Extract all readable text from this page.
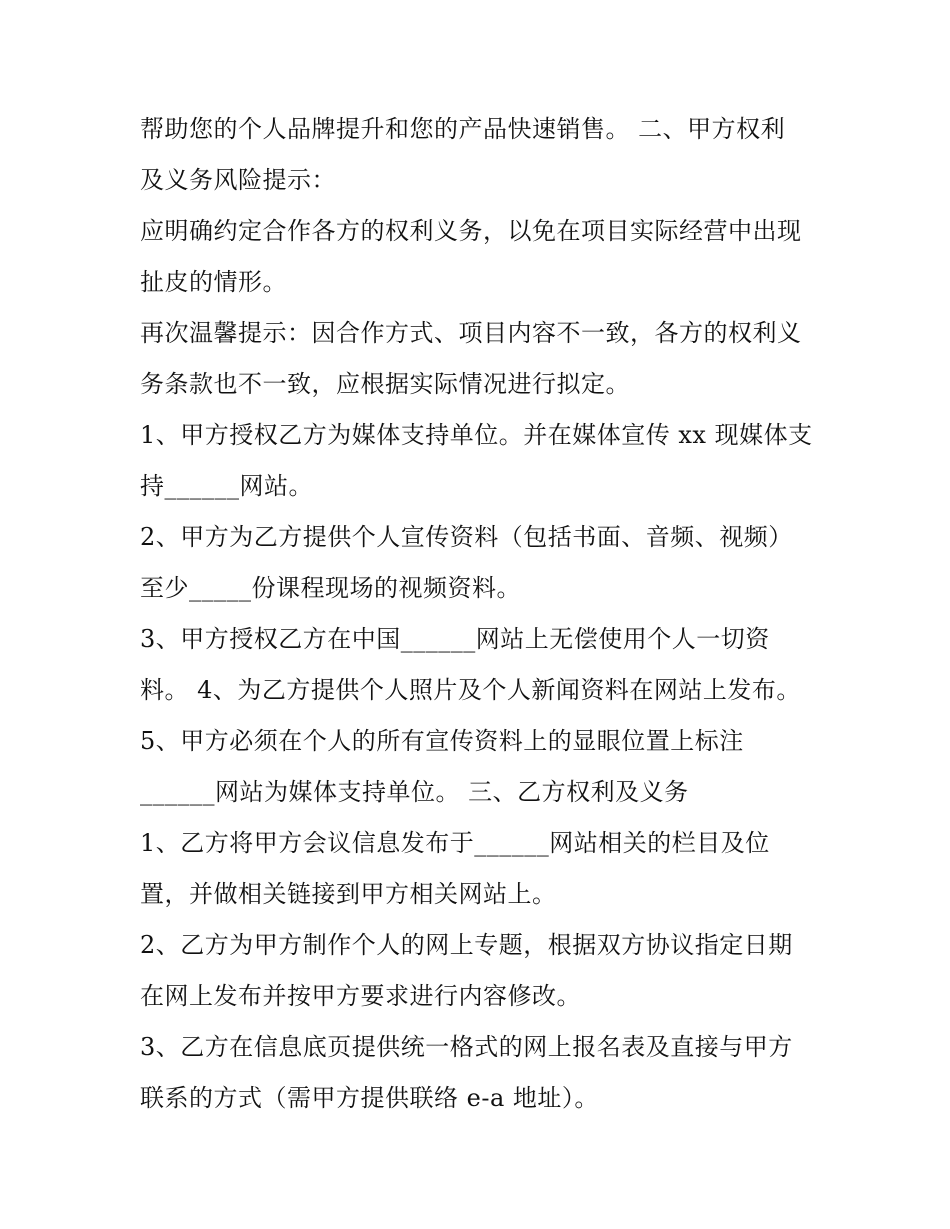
帮助您的个人品牌提升和您的产品快速销售。 二、甲方权利
及义务风险提示：
应明确约定合作各方的权利义务，以免在项目实际经营中出现
扯皮的情形。
再次温馨提示：因合作方式、项目内容不一致，各方的权利义
务条款也不一致，应根据实际情况进行拟定。
1、甲方授权乙方为媒体支持单位。并在媒体宣传 xx 现媒体支
持______网站。
2、甲方为乙方提供个人宣传资料（包括书面、音频、视频）
至少_____份课程现场的视频资料。
3、甲方授权乙方在中国______网站上无偿使用个人一切资
料。 4、为乙方提供个人照片及个人新闻资料在网站上发布。
5、甲方必须在个人的所有宣传资料上的显眼位置上标注
______网站为媒体支持单位。 三、乙方权利及义务
1、乙方将甲方会议信息发布于______网站相关的栏目及位
置，并做相关链接到甲方相关网站上。
2、乙方为甲方制作个人的网上专题，根据双方协议指定日期
在网上发布并按甲方要求进行内容修改。
3、乙方在信息底页提供统一格式的网上报名表及直接与甲方
联系的方式（需甲方提供联络 e-a 地址）。
